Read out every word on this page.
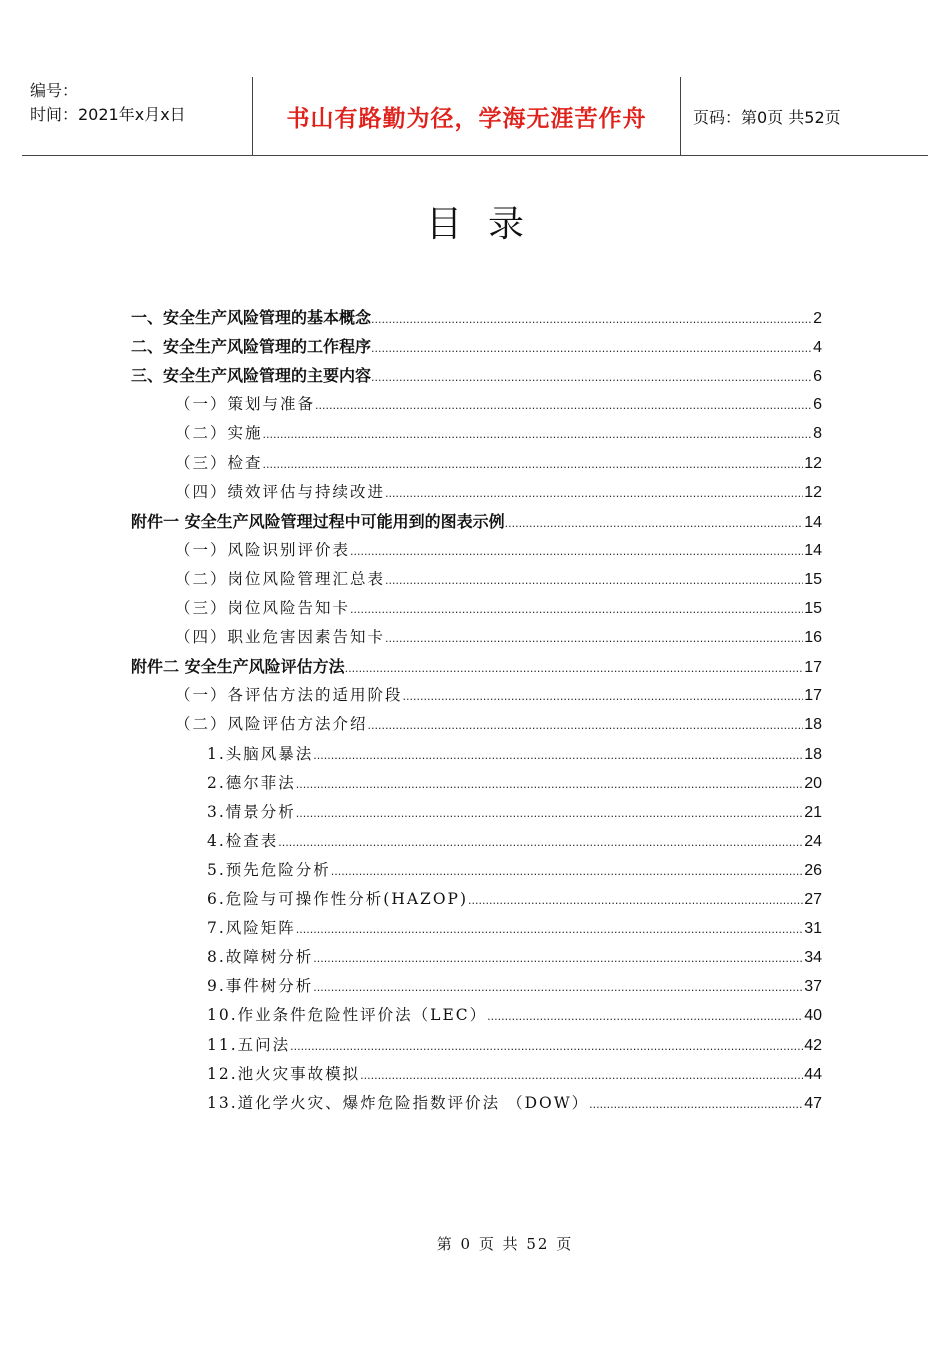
编号：
时间：2021年x月x日	书山有路勤为径，学海无涯苦作舟	页码：第0页 共52页
目录
一、安全生产风险管理的基本概念 .....	2
二、安全生产风险管理的工作程序 .....	4
三、安全生产风险管理的主要内容 .....	6
（一）策划与准备 .....	6
（二）实施 .....	8
（三）检查 .....	12
（四）绩效评估与持续改进 .....	12
附件一 安全生产风险管理过程中可能用到的图表示例 .....	14
（一）风险识别评价表 .....	14
（二）岗位风险管理汇总表 .....	15
（三）岗位风险告知卡 .....	15
（四）职业危害因素告知卡 .....	16
附件二 安全生产风险评估方法 .....	17
（一）各评估方法的适用阶段 .....	17
（二）风险评估方法介绍 .....	18
1.头脑风暴法 .....	18
2.德尔菲法 .....	20
3.情景分析 .....	21
4.检查表 .....	24
5.预先危险分析 .....	26
6.危险与可操作性分析(HAZOP) .....	27
7.风险矩阵 .....	31
8.故障树分析 .....	34
9.事件树分析 .....	37
10.作业条件危险性评价法（LEC） .....	40
11.五问法 .....	42
12.池火灾事故模拟 .....	44
13.道化学火灾、爆炸危险指数评价法 （DOW） .....	47
第 0 页 共 52 页
